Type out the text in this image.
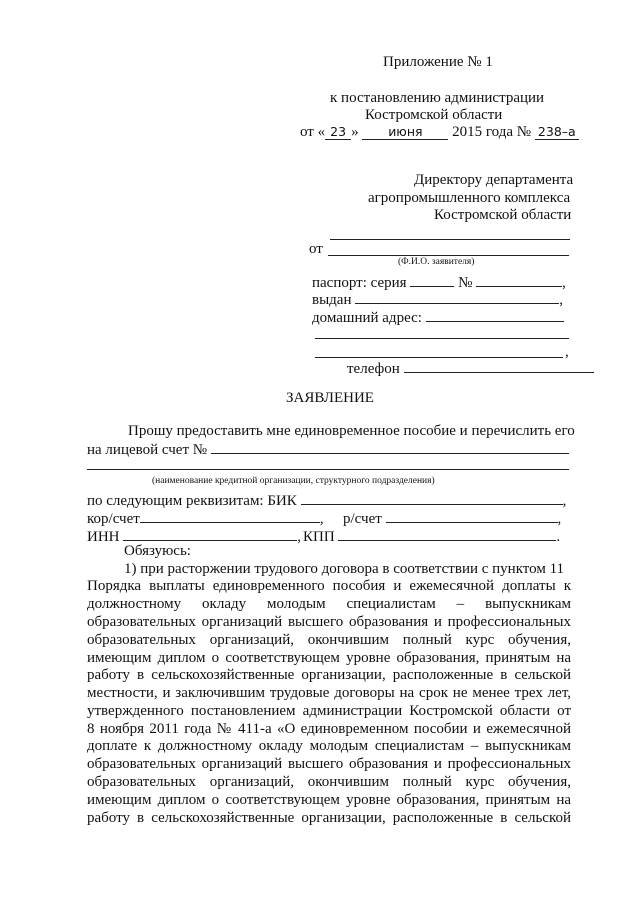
Приложение № 1
к постановлению администрации
Костромской области
от « 23 » июня 2015 года № 238–а
Директору департамента
агропромышленного комплекса
Костромской области
от
(Ф.И.О. заявителя)
паспорт: серия	№	,
выдан	,
домашний адрес:
,
телефон
ЗАЯВЛЕНИЕ
Прошу предоставить мне единовременное пособие и перечислить его
на лицевой счет №
(наименование кредитной организации, структурного подразделения)
по следующим реквизитам: БИК	,
кор/счет	, р/счет	,
ИНН	, КПП	.
Обязуюсь:
1) при расторжении трудового договора в соответствии с пунктом 11
Порядка выплаты единовременного пособия и ежемесячной доплаты к
должностному окладу молодым специалистам – выпускникам
образовательных организаций высшего образования и профессиональных
образовательных организаций, окончившим полный курс обучения,
имеющим диплом о соответствующем уровне образования, принятым на
работу в сельскохозяйственные организации, расположенные в сельской
местности, и заключившим трудовые договоры на срок не менее трех лет,
утвержденного постановлением администрации Костромской области от
8 ноября 2011 года № 411-а «О единовременном пособии и ежемесячной
доплате к должностному окладу молодым специалистам – выпускникам
образовательных организаций высшего образования и профессиональных
образовательных организаций, окончившим полный курс обучения,
имеющим диплом о соответствующем уровне образования, принятым на
работу в сельскохозяйственные организации, расположенные в сельской
